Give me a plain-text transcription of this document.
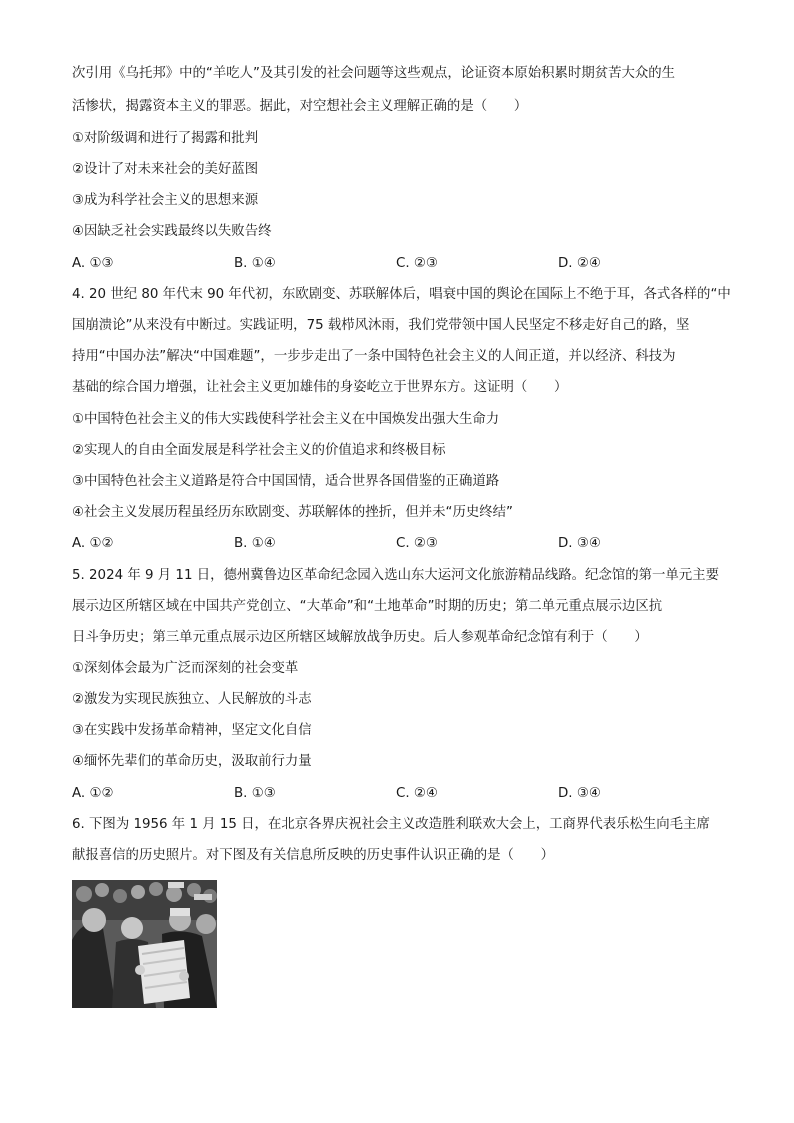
次引用《乌托邦》中的“羊吃人”及其引发的社会问题等这些观点，论证资本原始积累时期贫苦大众的生
活惨状，揭露资本主义的罪恶。据此，对空想社会主义理解正确的是（　　）
①对阶级调和进行了揭露和批判
②设计了对未来社会的美好蓝图
③成为科学社会主义的思想来源
④因缺乏社会实践最终以失败告终
A. ①③	B. ①④	C. ②③	D. ②④
4. 20 世纪 80 年代末 90 年代初，东欧剧变、苏联解体后，唱衰中国的舆论在国际上不绝于耳，各式各样的“中
国崩溃论”从来没有中断过。实践证明，75 载栉风沐雨，我们党带领中国人民坚定不移走好自己的路，坚
持用“中国办法”解决“中国难题”，一步步走出了一条中国特色社会主义的人间正道，并以经济、科技为
基础的综合国力增强，让社会主义更加雄伟的身姿屹立于世界东方。这证明（　　）
①中国特色社会主义的伟大实践使科学社会主义在中国焕发出强大生命力
②实现人的自由全面发展是科学社会主义的价值追求和终极目标
③中国特色社会主义道路是符合中国国情，适合世界各国借鉴的正确道路
④社会主义发展历程虽经历东欧剧变、苏联解体的挫折，但并未“历史终结”
A. ①②	B. ①④	C. ②③	D. ③④
5. 2024 年 9 月 11 日，德州冀鲁边区革命纪念园入选山东大运河文化旅游精品线路。纪念馆的第一单元主要
展示边区所辖区域在中国共产党创立、“大革命”和“土地革命”时期的历史；第二单元重点展示边区抗
日斗争历史；第三单元重点展示边区所辖区域解放战争历史。后人参观革命纪念馆有利于（　　）
①深刻体会最为广泛而深刻的社会变革
②激发为实现民族独立、人民解放的斗志
③在实践中发扬革命精神，坚定文化自信
④缅怀先辈们的革命历史，汲取前行力量
A. ①②	B. ①③	C. ②④	D. ③④
6. 下图为 1956 年 1 月 15 日，在北京各界庆祝社会主义改造胜利联欢大会上，工商界代表乐松生向毛主席
献报喜信的历史照片。对下图及有关信息所反映的历史事件认识正确的是（　　）
